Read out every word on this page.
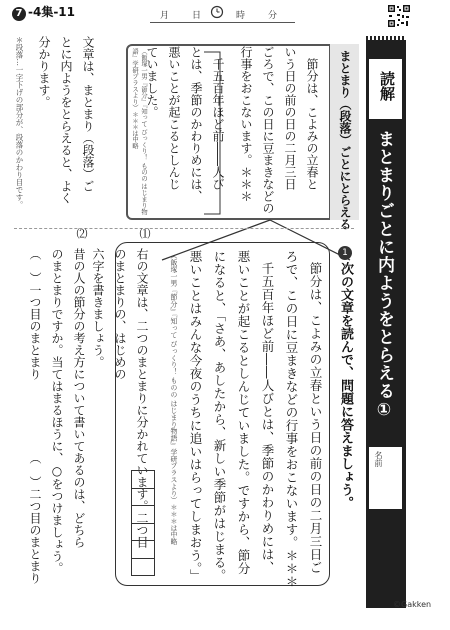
7 -4集-11	月	日	時	分
読解
まとまりごとに内ようをとらえる①
名前
©Gakken
まとまり（段落）ごとにとらえる
節分は、こよみの立春と
いう日の前の日の二月三日
ごろで、この日に豆まきなどの
行事をおこないます。＊＊＊
千五百年ほど前――人び
とは、季節のかわりめには、
悪いことが起こるとしんじ
ていました。
（飯塚一男『節分』『知って びっくり！ ものの はじまり物語』学研プラスより）＊＊＊は中略
1
次の文章を読んで、問題に答えましょう。
節分は、こよみの立春という日の前の日の二月三日ご
ろで、この日に豆まきなどの行事をおこないます。＊＊＊
千五百年ほど前――人びとは、季節のかわりめには、
悪いことが起こるとしんじていました。ですから、節分
になると、「さあ、あしたから、新しい季節がはじまる。
悪いことはみんな今夜のうちに追いはらってしまおう。」
（飯塚一男『節分』『知って びっくり！ ものの はじまり物語』学研プラスより）＊＊＊は中略
⑴
右の文章は、二つのまとまりに分かれています。二つ目
のまとまりの、はじめの
六字を書きましょう。
⑵
昔の人の節分の考え方について書いてあるのは、どちら
のまとまりですか。当てはまるほうに、○をつけましょう。
（　）一つ目のまとまり
（　）二つ目のまとまり
とに内ようをとらえると、よく 文章は、まとまり（段落）ご
分かります。
＊段落…一字下げの部分が、段落のかわり目です。
